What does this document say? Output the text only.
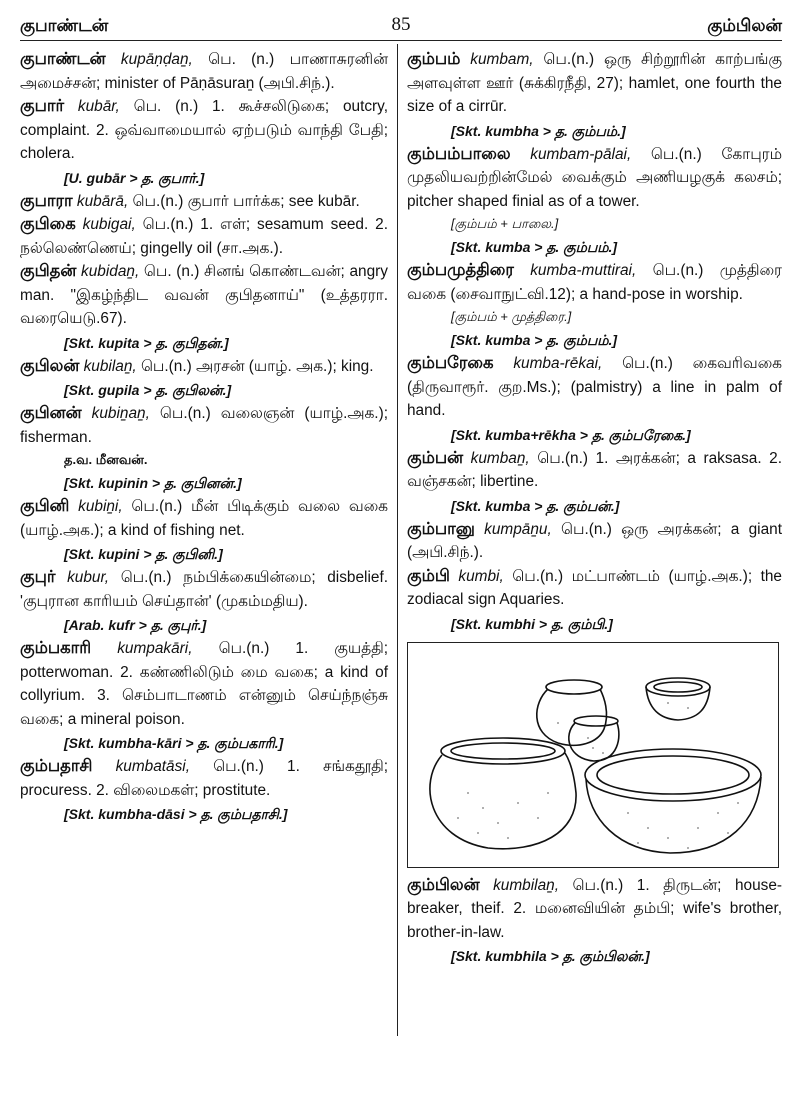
குபாண்டன்	85	கும்பிலன்
குபாண்டன் kupāṇḍaṉ, பெ. (n.) பாணாசுரனின் அமைச்சன்; minister of Pāṇāsuraṉ (அபி.சிந்.).
குபார் kubār, பெ. (n.) 1. கூச்சலிடுகை; outcry, complaint. 2. ஒவ்வாமையால் ஏற்படும் வாந்தி பேதி; cholera.
[U. gubār > த. குபார்.]
குபாரா kubārā, பெ.(n.) குபார் பார்க்க; see kubār.
குபிகை kubigai, பெ.(n.) 1. எள்; sesamum seed. 2. நல்லெண்ணெய்; gingelly oil (சா.அக.).
குபிதன் kubidaṉ, பெ. (n.) சினங் கொண்டவன்; angry man. "இகழ்ந்திட வவன் குபிதனாய்" (உத்தரரா. வரையெடு.67).
[Skt. kupita > த. குபிதன்.]
குபிலன் kubilaṉ, பெ.(n.) அரசன் (யாழ். அக.); king.
[Skt. gupila > த. குபிலன்.]
குபினன் kubiṉaṉ, பெ.(n.) வலைஞன் (யாழ்.அக.); fisherman.
த.வ. மீனவன்.
[Skt. kupinin > த. குபினன்.]
குபினி kubiṉi, பெ.(n.) மீன் பிடிக்கும் வலை வகை (யாழ்.அக.); a kind of fishing net.
[Skt. kupini > த. குபினி.]
குபுர் kubur, பெ.(n.) நம்பிக்கையின்மை; disbelief. 'குபுரான காரியம் செய்தான்' (முகம்மதிய).
[Arab. kufr > த. குபுர்.]
கும்பகாரி kumpakāri, பெ.(n.) 1. குயத்தி; potterwoman. 2. கண்ணிலிடும் மை வகை; a kind of collyrium. 3. செம்பாடாணம் என்னும் செய்ந்நஞ்சு வகை; a mineral poison.
[Skt. kumbha-kāri > த. கும்பகாரி.]
கும்பதாசி kumbatāsi, பெ.(n.) 1. சங்கதூதி; procuress. 2. விலைமகள்; prostitute.
[Skt. kumbha-dāsi > த. கும்பதாசி.]
கும்பம் kumbam, பெ.(n.) ஒரு சிற்றூரின் காற்பங்கு அளவுள்ள ஊர் (சுக்கிரநீதி, 27); hamlet, one fourth the size of a cirrūr.
[Skt. kumbha > த. கும்பம்.]
கும்பம்பாலை kumbam-pālai, பெ.(n.) கோபுரம் முதலியவற்றின்மேல் வைக்கும் அணியழகுக் கலசம்; pitcher shaped finial as of a tower.
[கும்பம் + பாலை.]
[Skt. kumba > த. கும்பம்.]
கும்பமுத்திரை kumba-muttirai, பெ.(n.) முத்திரை வகை (சைவாநுட்வி.12); a hand-pose in worship.
[கும்பம் + முத்திரை.]
[Skt. kumba > த. கும்பம்.]
கும்பரேகை kumba-rēkai, பெ.(n.) கைவரிவகை (திருவாரூர். குற.Ms.); (palmistry) a line in palm of hand.
[Skt. kumba+rēkha > த. கும்பரேகை.]
கும்பன் kumbaṉ, பெ.(n.) 1. அரக்கன்; a raksasa. 2. வஞ்சகன்; libertine.
[Skt. kumba > த. கும்பன்.]
கும்பானு kumpāṉu, பெ.(n.) ஒரு அரக்கன்; a giant (அபி.சிந்.).
கும்பி kumbi, பெ.(n.) மட்பாண்டம் (யாழ்.அக.); the zodiacal sign Aquaries.
[Skt. kumbhi > த. கும்பி.]
கும்பிலன் kumbilaṉ, பெ.(n.) 1. திருடன்; house-breaker, theif. 2. மனைவியின் தம்பி; wife's brother, brother-in-law.
[Skt. kumbhila > த. கும்பிலன்.]
